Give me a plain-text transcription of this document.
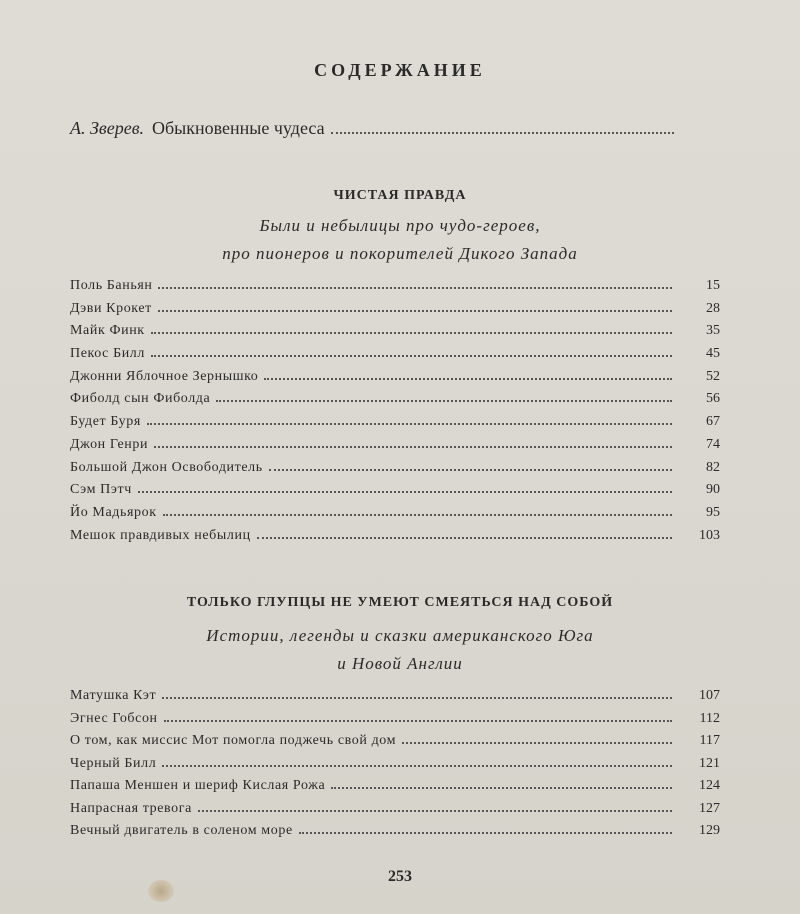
СОДЕРЖАНИЕ
А. Зверев. Обыкновенные чудеса
ЧИСТАЯ ПРАВДА
Были и небылицы про чудо-героев,
про пионеров и покорителей Дикого Запада
Поль Баньян	15
Дэви Крокет	28
Майк Финк	35
Пекос Билл	45
Джонни Яблочное Зернышко	52
Фиболд сын Фиболда	56
Будет Буря	67
Джон Генри	74
Большой Джон Освободитель	82
Сэм Пэтч	90
Йо Мадьярок	95
Мешок правдивых небылиц	103
ТОЛЬКО ГЛУПЦЫ НЕ УМЕЮТ СМЕЯТЬСЯ НАД СОБОЙ
Истории, легенды и сказки американского Юга
и Новой Англии
Матушка Кэт	107
Эгнес Гобсон	112
О том, как миссис Мот помогла поджечь свой дом	117
Черный Билл	121
Папаша Меншен и шериф Кислая Рожа	124
Напрасная тревога	127
Вечный двигатель в соленом море	129
253
